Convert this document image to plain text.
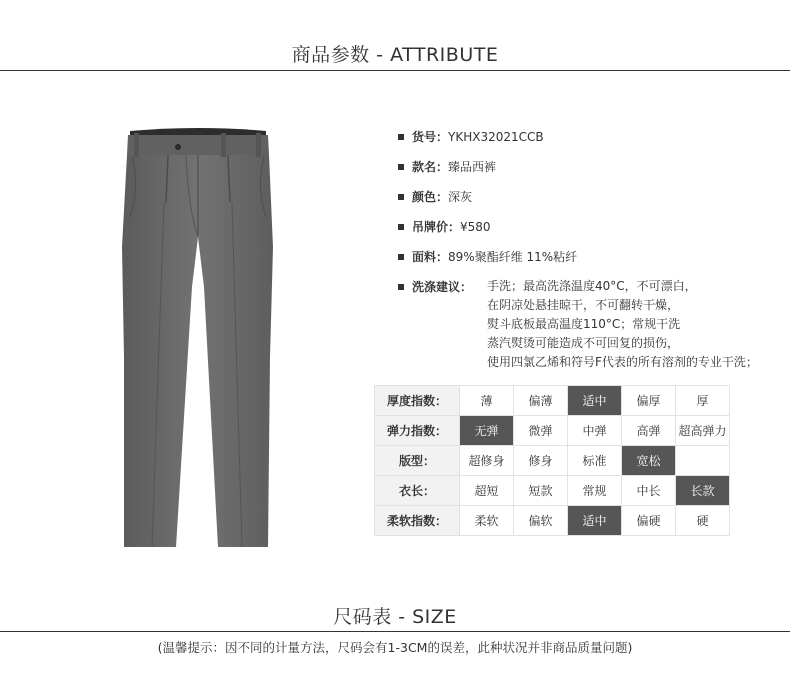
商品参数 - ATTRIBUTE
货号：YKHX32021CCB
款名：臻品西裤
颜色：深灰
吊牌价：¥580
面料：89%聚酯纤维 11%粘纤
洗涤建议： 手洗；最高洗涤温度40°C，不可漂白，
在阴凉处悬挂晾干，不可翻转干燥，
熨斗底板最高温度110°C；常规干洗
蒸汽熨烫可能造成不可回复的损伤，
使用四氯乙烯和符号F代表的所有溶剂的专业干洗；
厚度指数：	薄	偏薄	适中	偏厚	厚
弹力指数：	无弹	微弹	中弹	高弹	超高弹力
版型：	超修身	修身	标准	宽松	
衣长：	超短	短款	常规	中长	长款
柔软指数：	柔软	偏软	适中	偏硬	硬
尺码表 - SIZE
(温馨提示：因不同的计量方法，尺码会有1-3CM的误差，此种状况并非商品质量问题)
